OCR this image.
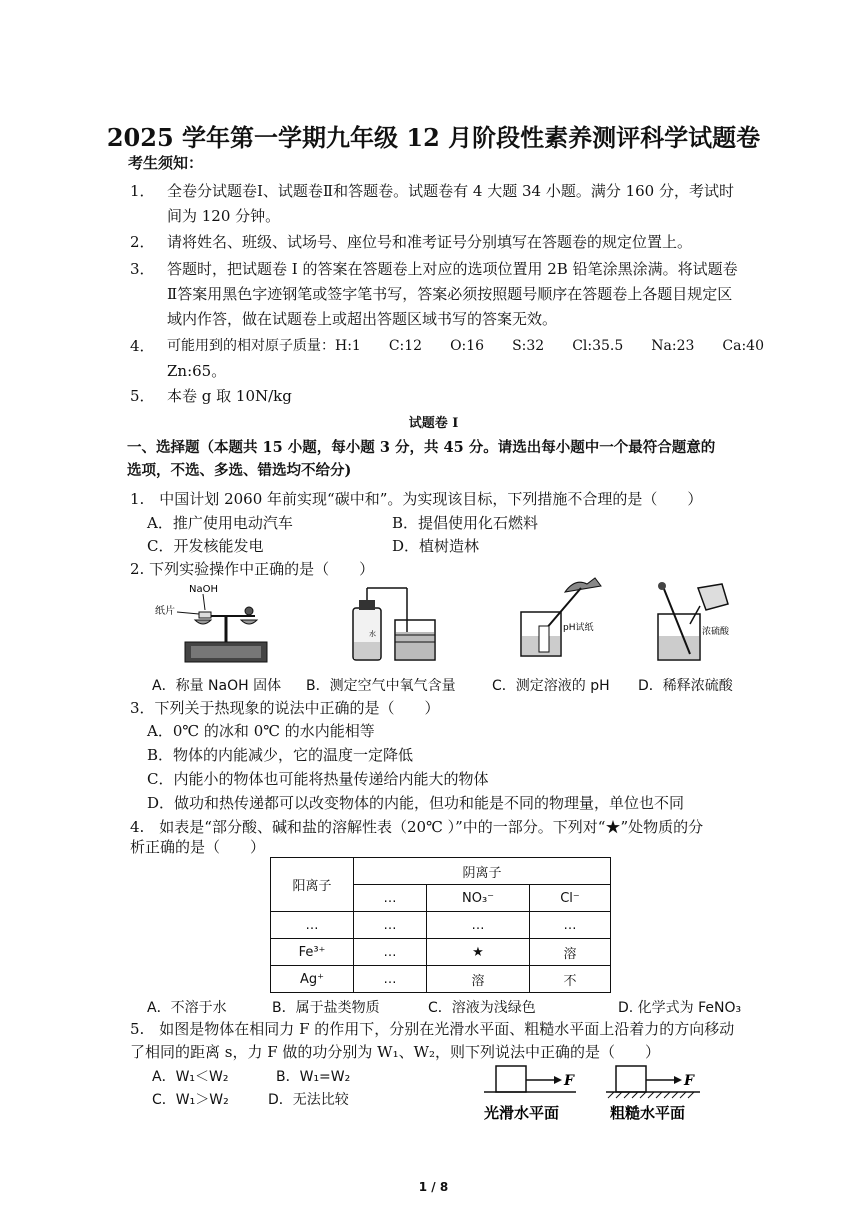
2025 学年第一学期九年级 12 月阶段性素养测评科学试题卷
考生须知：
1． 全卷分试题卷Ⅰ、试题卷Ⅱ和答题卷。试题卷有 4 大题 34 小题。满分 160 分，考试时
间为 120 分钟。
2． 请将姓名、班级、试场号、座位号和准考证号分别填写在答题卷的规定位置上。
3． 答题时，把试题卷 I 的答案在答题卷上对应的选项位置用 2B 铅笔涂黑涂满。将试题卷
Ⅱ答案用黑色字迹钢笔或签字笔书写，答案必须按照题号顺序在答题卷上各题目规定区
域内作答，做在试题卷上或超出答题区域书写的答案无效。
4． 可能用到的相对原子质量：H:1　　C:12　　O:16　　S:32　　Cl:35.5　　Na:23　　Ca:40
Zn:65。
5． 本卷 g 取 10N/kg
试题卷 I
一、选择题（本题共 15 小题，每小题 3 分，共 45 分。请选出每小题中一个最符合题意的
选项，不选、多选、错选均不给分)
1.　中国计划 2060 年前实现“碳中和”。为实现该目标，下列措施不合理的是（　　）
A．推广使用电动汽车	B．提倡使用化石燃料
C．开发核能发电	D．植树造林
2. 下列实验操作中正确的是（　　）
NaOH
纸片
水
pH试纸	浓硫酸
A．称量 NaOH 固体 B．测定空气中氧气含量	C．测定溶液的 pH D．稀释浓硫酸
3．下列关于热现象的说法中正确的是（　　）
A．0℃ 的冰和 0℃ 的水内能相等
B．物体的内能减少，它的温度一定降低
C．内能小的物体也可能将热量传递给内能大的物体
D．做功和热传递都可以改变物体的内能，但功和能是不同的物理量，单位也不同
4.　如表是“部分酸、碱和盐的溶解性表（20℃ ）”中的一部分。下列对“★”处物质的分
析正确的是（　　）
阳离子	阴离子		
	…	NO₃⁻	Cl⁻
…	…	…	…
Fe³⁺	…	★	溶
Ag⁺	…	溶	不
A．不溶于水	B．属于盐类物质	C．溶液为浅绿色	D. 化学式为 FeNO₃
5.　如图是物体在相同力 F 的作用下，分别在光滑水平面、粗糙水平面上沿着力的方向移动
了相同的距离 s，力 F 做的功分别为 W₁、W₂，则下列说法中正确的是（　　）
A．W₁＜W₂	B．W₁=W₂
C．W₁＞W₂	D．无法比较
F
光滑水平面
F
粗糙水平面
1 / 8
